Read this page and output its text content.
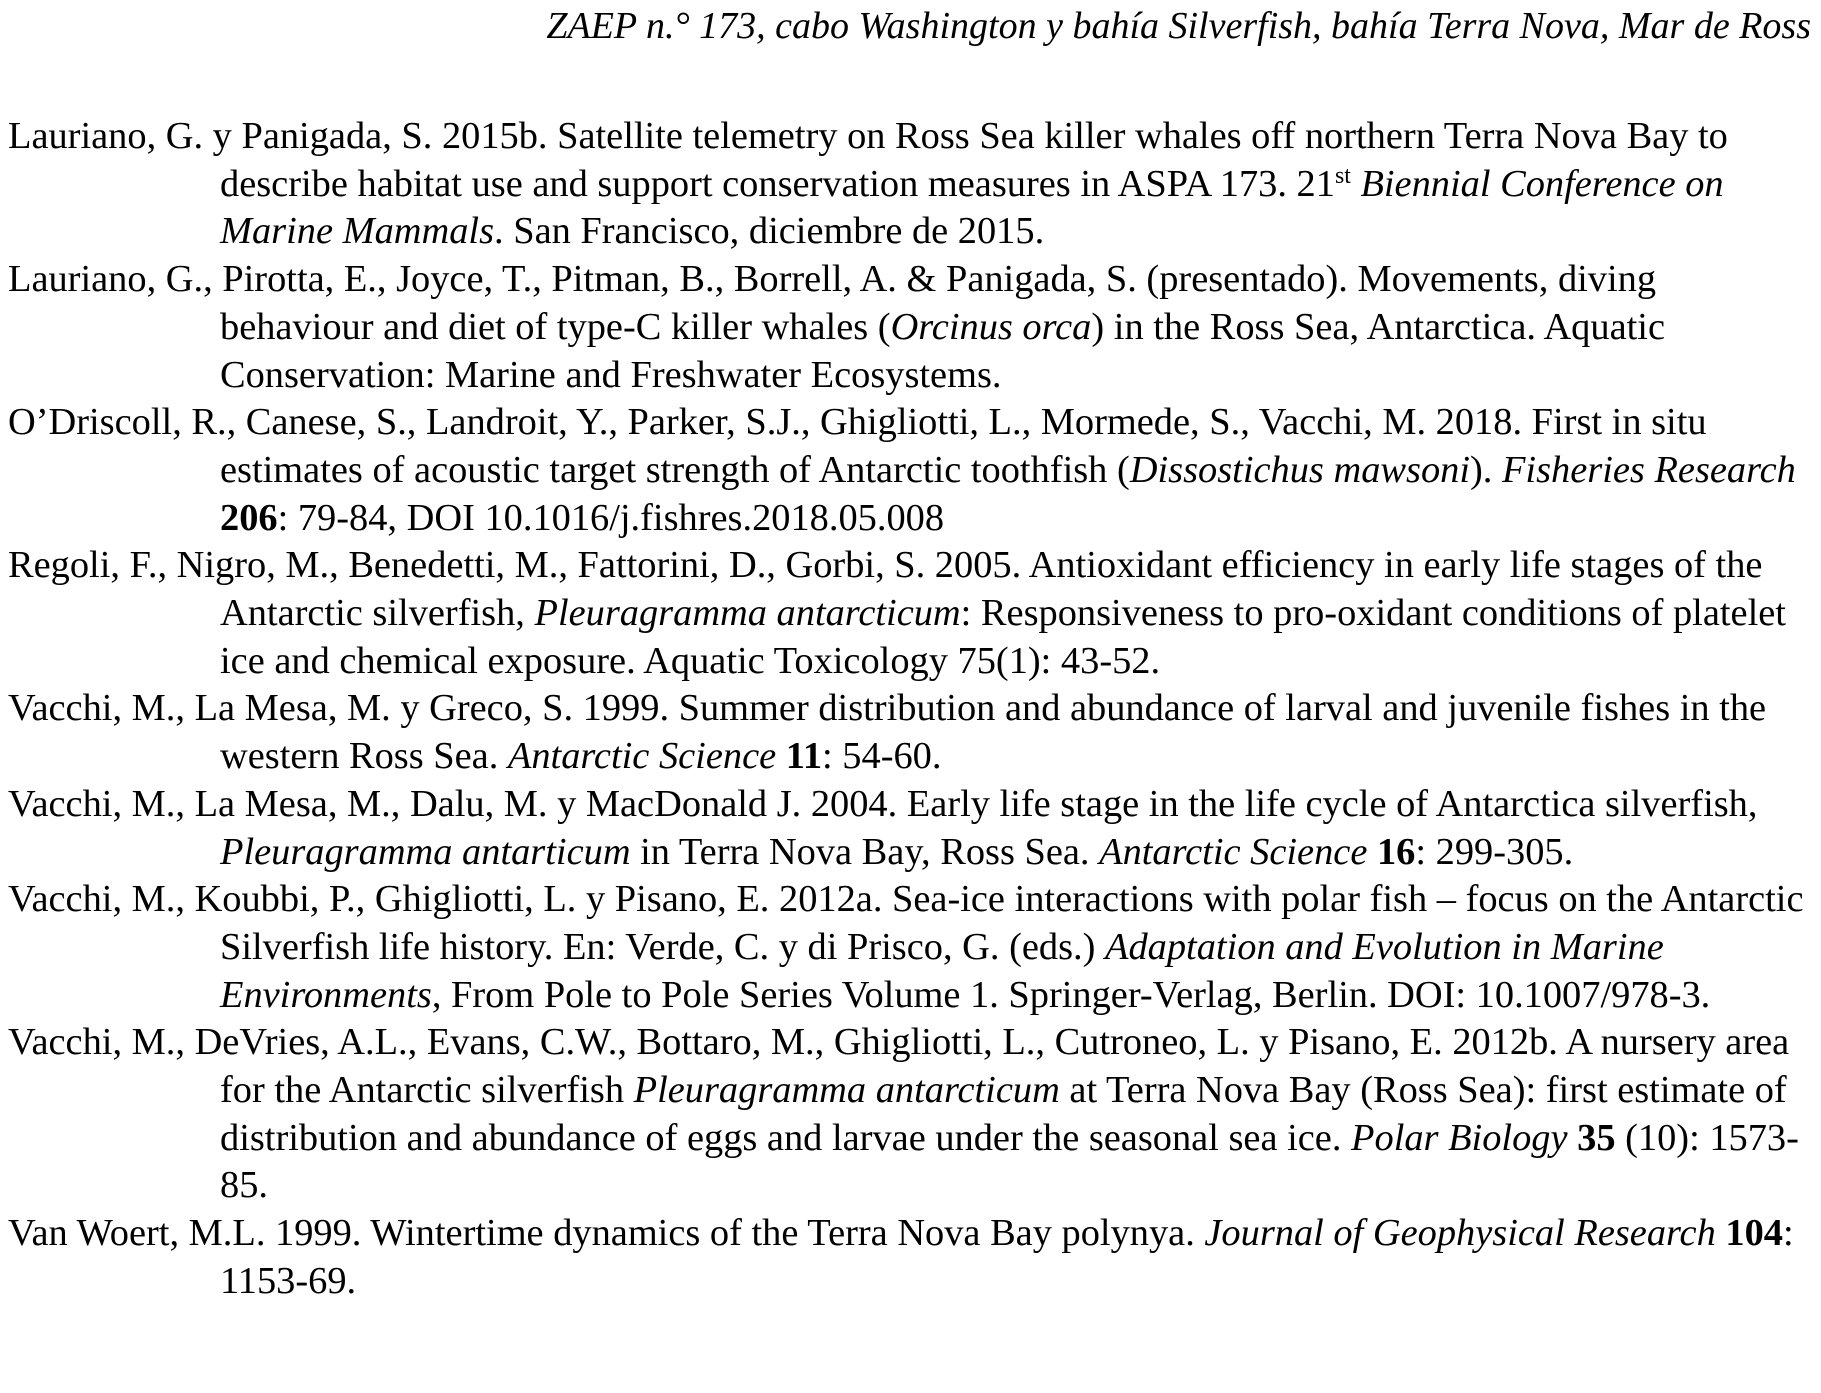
ZAEP n.° 173, cabo Washington y bahía Silverfish, bahía Terra Nova, Mar de Ross
Lauriano, G. y Panigada, S. 2015b. Satellite telemetry on Ross Sea killer whales off northern Terra Nova Bay to describe habitat use and support conservation measures in ASPA 173. 21st Biennial Conference on Marine Mammals. San Francisco, diciembre de 2015.
Lauriano, G., Pirotta, E., Joyce, T., Pitman, B., Borrell, A. & Panigada, S. (presentado). Movements, diving behaviour and diet of type-C killer whales (Orcinus orca) in the Ross Sea, Antarctica. Aquatic Conservation: Marine and Freshwater Ecosystems.
O’Driscoll, R., Canese, S., Landroit, Y., Parker, S.J., Ghigliotti, L., Mormede, S., Vacchi, M. 2018. First in situ estimates of acoustic target strength of Antarctic toothfish (Dissostichus mawsoni). Fisheries Research 206: 79-84, DOI 10.1016/j.fishres.2018.05.008
Regoli, F., Nigro, M., Benedetti, M., Fattorini, D., Gorbi, S. 2005. Antioxidant efficiency in early life stages of the Antarctic silverfish, Pleuragramma antarcticum: Responsiveness to pro-oxidant conditions of platelet ice and chemical exposure. Aquatic Toxicology 75(1): 43-52.
Vacchi, M., La Mesa, M. y Greco, S. 1999. Summer distribution and abundance of larval and juvenile fishes in the western Ross Sea. Antarctic Science 11: 54-60.
Vacchi, M., La Mesa, M., Dalu, M. y MacDonald J. 2004. Early life stage in the life cycle of Antarctica silverfish, Pleuragramma antarticum in Terra Nova Bay, Ross Sea. Antarctic Science 16: 299-305.
Vacchi, M., Koubbi, P., Ghigliotti, L. y Pisano, E. 2012a. Sea-ice interactions with polar fish – focus on the Antarctic Silverfish life history. En: Verde, C. y di Prisco, G. (eds.) Adaptation and Evolution in Marine Environments, From Pole to Pole Series Volume 1. Springer-Verlag, Berlin. DOI: 10.1007/978-3.
Vacchi, M., DeVries, A.L., Evans, C.W., Bottaro, M., Ghigliotti, L., Cutroneo, L. y Pisano, E. 2012b. A nursery area for the Antarctic silverfish Pleuragramma antarcticum at Terra Nova Bay (Ross Sea): first estimate of distribution and abundance of eggs and larvae under the seasonal sea ice. Polar Biology 35 (10): 1573-85.
Van Woert, M.L. 1999. Wintertime dynamics of the Terra Nova Bay polynya. Journal of Geophysical Research 104: 1153-69.
